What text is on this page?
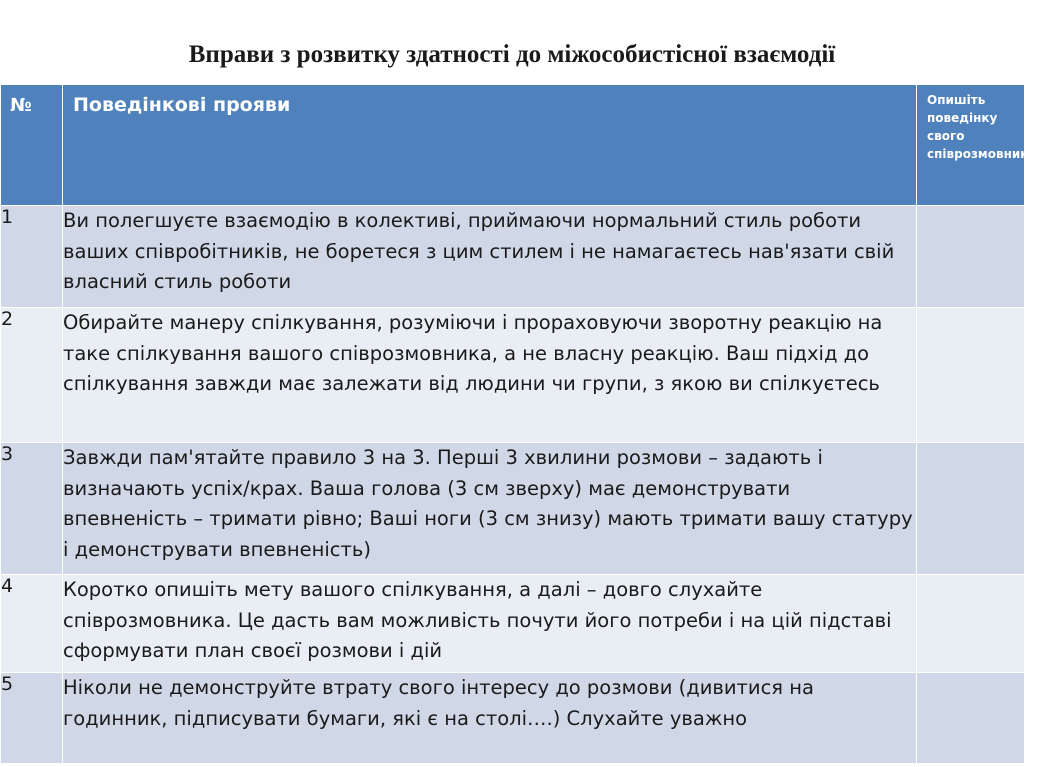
Вправи з розвитку здатності до міжособистісної взаємодії
№	Поведінкові прояви	Опишіть поведінку свого співрозмовника
1	Ви полегшуєте взаємодію в колективі, приймаючи нормальний стиль роботи ваших співробітників, не боретеся з цим стилем і не намагаєтесь нав'язати свій власний стиль роботи	
2	Обирайте манеру спілкування, розуміючи і прораховуючи зворотну реакцію на таке спілкування вашого співрозмовника, а не власну реакцію. Ваш підхід до спілкування завжди має залежати від людини чи групи, з якою ви спілкуєтесь	
3	Завжди пам'ятайте правило 3 на 3. Перші 3 хвилини розмови – задають і визначають успіх/крах. Ваша голова (3 см зверху) має демонструвати впевненість – тримати рівно; Ваші ноги (3 см знизу) мають тримати вашу статуру і демонструвати впевненість)	
4	Коротко опишіть мету вашого спілкування, а далі – довго слухайте співрозмовника. Це дасть вам можливість почути його потреби і на цій підставі сформувати план своєї розмови і дій	
5	Ніколи не демонструйте втрату свого інтересу до розмови (дивитися на годинник, підписувати бумаги, які є на столі….) Слухайте уважно	
